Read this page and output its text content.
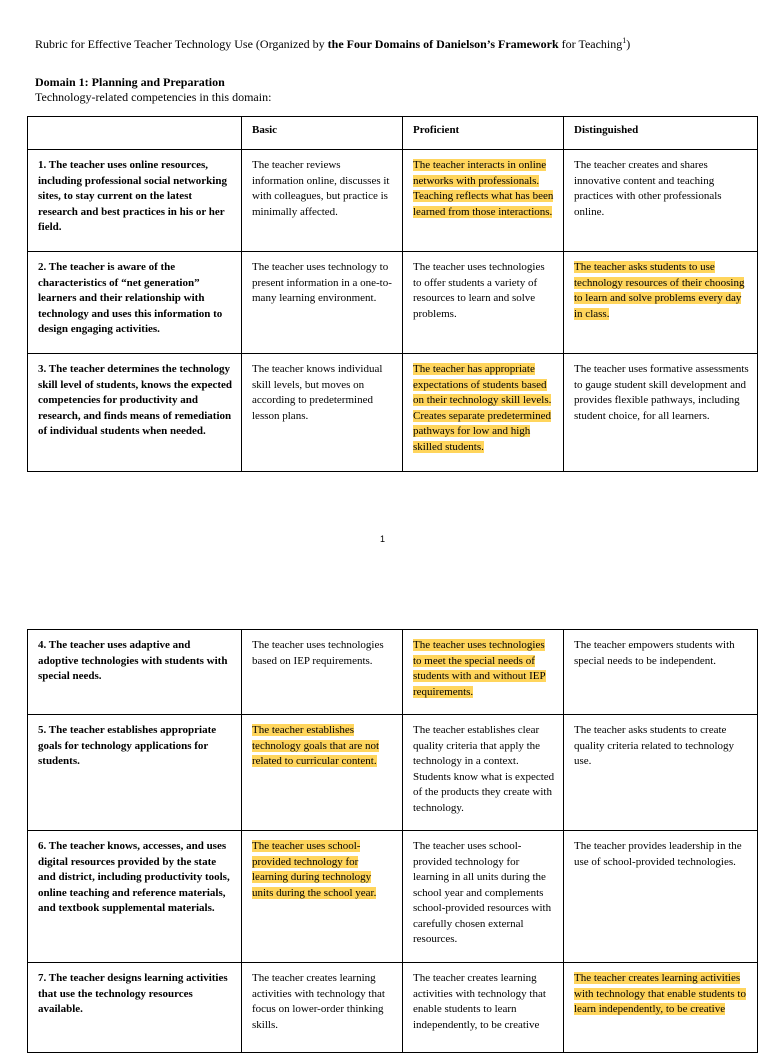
Rubric for Effective Teacher Technology Use (Organized by the Four Domains of Danielson’s Framework for Teaching$^1$)
Domain 1: Planning and Preparation
Technology-related competencies in this domain:
	Basic	Proficient	Distinguished
1. The teacher uses online resources, including professional social networking sites, to stay current on the latest research and best practices in his or her field.	The teacher reviews information online, discusses it with colleagues, but practice is minimally affected.	The teacher interacts in online networks with professionals. Teaching reflects what has been learned from those interactions.	The teacher creates and shares innovative content and teaching practices with other professionals online.
2. The teacher is aware of the characteristics of “net generation” learners and their relationship with technology and uses this information to design engaging activities.	The teacher uses technology to present information in a one-to-many learning environment.	The teacher uses technologies to offer students a variety of resources to learn and solve problems.	The teacher asks students to use technology resources of their choosing to learn and solve problems every day in class.
3. The teacher determines the technology skill level of students, knows the expected competencies for productivity and research, and finds means of remediation of individual students when needed.	The teacher knows individual skill levels, but moves on according to predetermined lesson plans.	The teacher has appropriate expectations of students based on their technology skill levels. Creates separate predetermined pathways for low and high skilled students.	The teacher uses formative assessments to gauge student skill development and provides flexible pathways, including student choice, for all learners.
1
4. The teacher uses adaptive and adoptive technologies with students with special needs.	The teacher uses technologies based on IEP requirements.	The teacher uses technologies to meet the special needs of students with and without IEP requirements.	The teacher empowers students with special needs to be independent.
5. The teacher establishes appropriate goals for technology applications for students.	The teacher establishes technology goals that are not related to curricular content.	The teacher establishes clear quality criteria that apply the technology in a context. Students know what is expected of the products they create with technology.	The teacher asks students to create quality criteria related to technology use.
6. The teacher knows, accesses, and uses digital resources provided by the state and district, including productivity tools, online teaching and reference materials, and textbook supplemental materials.	The teacher uses school-provided technology for learning during technology units during the school year.	The teacher uses school-provided technology for learning in all units during the school year and complements school-provided resources with carefully chosen external resources.	The teacher provides leadership in the use of school-provided technologies.
7. The teacher designs learning activities that use the technology resources available.	The teacher creates learning activities with technology that focus on lower-order thinking skills.	The teacher creates learning activities with technology that enable students to learn independently, to be creative	The teacher creates learning activities with technology that enable students to learn independently, to be creative
